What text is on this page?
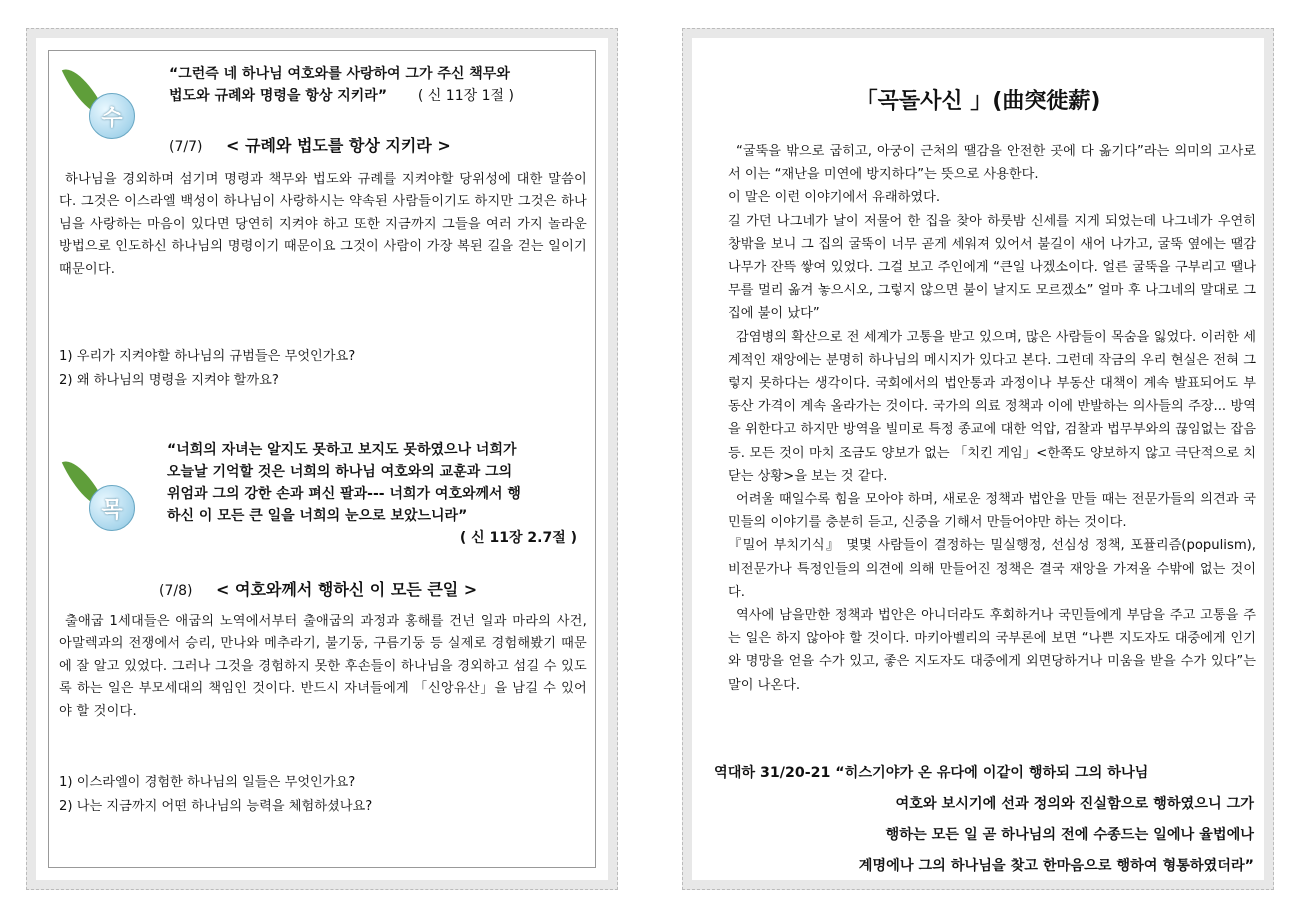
수
“그런즉 네 하나님 여호와를 사랑하여 그가 주신 책무와
법도와 규례와 명령을 항상 지키라” ( 신 11장 1절 )
(7/7) < 규례와 법도를 항상 지키라 >

하나님을 경외하며 섬기며 명령과 책무와 법도와 규례를 지켜야할 당위성에 대한 말씀이다. 그것은 이스라엘 백성이 하나님이 사랑하시는 약속된 사람들이기도 하지만 그것은 하나님을 사랑하는 마음이 있다면 당연히 지켜야 하고 또한 지금까지 그들을 여러 가지 놀라운 방법으로 인도하신 하나님의 명령이기 때문이요 그것이 사람이 가장 복된 길을 걷는 일이기 때문이다.

1) 우리가 지켜야할 하나님의 규범들은 무엇인가요?
2) 왜 하나님의 명령을 지켜야 할까요?
목
“너희의 자녀는 알지도 못하고 보지도 못하였으나 너희가
오늘날 기억할 것은 너희의 하나님 여호와의 교훈과 그의
위엄과 그의 강한 손과 펴신 팔과--- 너희가 여호와께서 행
하신 이 모든 큰 일을 너희의 눈으로 보았느니라”
( 신 11장 2.7절 )
(7/8) < 여호와께서 행하신 이 모든 큰일 >

출애굽 1세대들은 애굽의 노역에서부터 출애굽의 과정과 홍해를 건넌 일과 마라의 사건, 아말렉과의 전쟁에서 승리, 만나와 메추라기, 불기둥, 구름기둥 등 실제로 경험해봤기 때문에 잘 알고 있었다. 그러나 그것을 경험하지 못한 후손들이 하나님을 경외하고 섬길 수 있도록 하는 일은 부모세대의 책임인 것이다. 반드시 자녀들에게 「신앙유산」을 남길 수 있어야 할 것이다.

1) 이스라엘이 경험한 하나님의 일들은 무엇인가요?
2) 나는 지금까지 어떤 하나님의 능력을 체험하셨나요?
「곡돌사신 」(曲突徙薪)

“굴뚝을 밖으로 굽히고, 아궁이 근처의 땔감을 안전한 곳에 다 옮기다”라는 의미의 고사로서 이는 “재난을 미연에 방지하다”는 뜻으로 사용한다.

이 말은 이런 이야기에서 유래하였다.

길 가던 나그네가 날이 저물어 한 집을 찾아 하룻밤 신세를 지게 되었는데 나그네가 우연히 창밖을 보니 그 집의 굴뚝이 너무 곧게 세워져 있어서 불길이 새어 나가고, 굴뚝 옆에는 땔감 나무가 잔뜩 쌓여 있었다. 그걸 보고 주인에게 “큰일 나겠소이다. 얼른 굴뚝을 구부리고 땔나무를 멀리 옮겨 놓으시오, 그렇지 않으면 불이 날지도 모르겠소” 얼마 후 나그네의 말대로 그 집에 불이 났다”

감염병의 확산으로 전 세계가 고통을 받고 있으며, 많은 사람들이 목숨을 잃었다. 이러한 세계적인 재앙에는 분명히 하나님의 메시지가 있다고 본다. 그런데 작금의 우리 현실은 전혀 그렇지 못하다는 생각이다. 국회에서의 법안통과 과정이나 부동산 대책이 계속 발표되어도 부동산 가격이 계속 올라가는 것이다. 국가의 의료 정책과 이에 반발하는 의사들의 주장... 방역을 위한다고 하지만 방역을 빌미로 특정 종교에 대한 억압, 검찰과 법무부와의 끊임없는 잡음 등. 모든 것이 마치 조금도 양보가 없는 「치킨 게임」<한쪽도 양보하지 않고 극단적으로 치닫는 상황>을 보는 것 같다.

어려울 때일수록 힘을 모아야 하며, 새로운 정책과 법안을 만들 때는 전문가들의 의견과 국민들의 이야기를 충분히 듣고, 신중을 기해서 만들어야만 하는 것이다.

『밀어 부치기식』 몇몇 사람들이 결정하는 밀실행정, 선심성 정책, 포퓰리즘(populism), 비전문가나 특정인들의 의견에 의해 만들어진 정책은 결국 재앙을 가져올 수밖에 없는 것이다.

역사에 남을만한 정책과 법안은 아니더라도 후회하거나 국민들에게 부담을 주고 고통을 주는 일은 하지 않아야 할 것이다. 마키아벨리의 국부론에 보면 “나쁜 지도자도 대중에게 인기와 명망을 얻을 수가 있고, 좋은 지도자도 대중에게 외면당하거나 미움을 받을 수가 있다”는 말이 나온다.

역대하 31/20-21 “히스기야가 온 유다에 이같이 행하되 그의 하나님
여호와 보시기에 선과 정의와 진실함으로 행하였으니 그가
행하는 모든 일 곧 하나님의 전에 수종드는 일에나 율법에나
계명에나 그의 하나님을 찾고 한마음으로 행하여 형통하였더라”
